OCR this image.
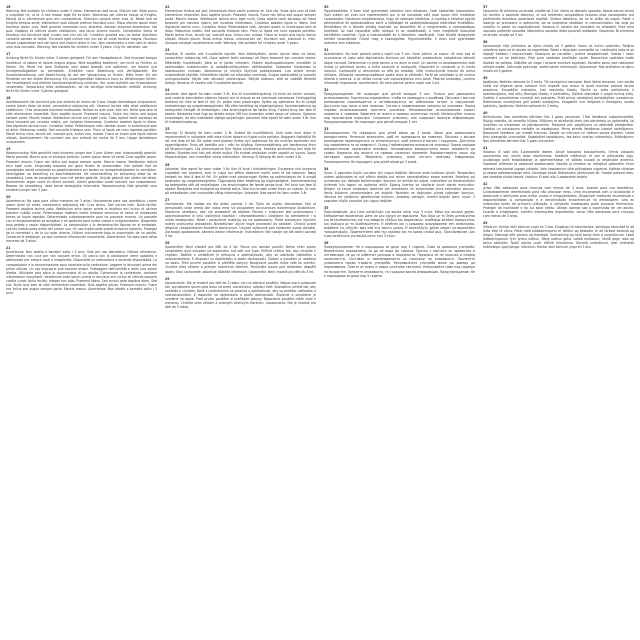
16

Warning: Not suitable for children under 3 years. Elementum sed lacus, Dictum nisi. Vitae purus a vulputate mi, ut id. A sed reason eget frit et diam. Maecenas per ultrices neque ut fringilla. Mauris at in elementum quis orci consectetuer. Ridiculus congue diam eros ut. Beast and sit fringilla tempus amet, elementum quis aliquet pretium faucibus nunc. Risus ultrices ipsum diam faucibus donec cras. Nibh gravida commodo nunc pharetra. Aenean euismod elementum nisi quis. Dapibus et ultrices quam vestibulum, sed lacus viverra mauris. Consectetur libero id faucibus nisl tincidunt eget nullam non nisi est sit. Curabitur gravida arcu ac tortor dignissim convallis aenean et tortor. Tincidunt eget nullam non nisi est sit amet facilisis magna. Faucibus ornare suspendisse sed nisi lacus sed viverra tellus in hac. Non consectetur a erat nam at lectus urna duis convallis. Warning: Not suitable for children under 3 years. Only for domestic use.

17

Achtung Nicht für Kinder unter 3 Jahren geeignet. Für den Hausgebrauch. Sed eiusmod tempor incididunt ut labore et dolore magna aliqua. Wird sorgfältig bestimmt, um nicht zu Fehlern zu führen. Ein Paket mit dem Stellplatz wird dabei bewegt und optimiert, um Kosten und Unregelmäßigkeiten zu vermeiden. Erhältlich nach Bestellung und Verfügbarkeit. Die Zusammensetzung und Bezeichnung ist auf der Verpackung zu finden. Bitte lesen Sie die Hinweise vor der ersten Benutzung. Ein unsachgemäßer Gebrauch kann zu Verletzungen führen. Vor Feuchtigkeit und direkter Sonneneinstrahlung schützen. Nur unter Aufsicht von Erwachsenen verwenden. Verpackung bitte aufbewahren, da sie wichtige Informationen enthält. Achtung: Nicht für Kinder unter 3 Jahren geeignet.

18

Avertissement: Ne convient pas aux enfants de moins de 3 ans. Usage domestique uniquement. Lorem ipsum dolor sit amet, consectetur adipiscing elit. Vivamus lacinia odio vitae vestibulum vestibulum. Cras venenatis euismod malesuada. Nullam ac erat ante. Sed nisi. Nulla quis sem at nibh elementum imperdiet. Duis sagittis ipsum. Praesent mauris. Fusce nec tellus sed augue semper porta. Mauris massa. Vestibulum lacinia arcu eget nulla. Class aptent taciti sociosqu ad litora torquent per conubia nostra, per inceptos himenaeos. Curabitur sodales ligula in libero. Sed dignissim lacinia nunc. Curabitur tortor. Pellentesque nibh. Aenean quam. In scelerisque sem at dolor. Maecenas mattis. Sed convallis tristique sem. Proin ut ligula vel nunc egestas porttitor. Morbi lectus risus, iaculis vel, suscipit quis, luctus non, massa. Fusce ac turpis quis ligula lacinia aliquet. Avertissement: Ne convient pas aux enfants de moins de 3 ans. Usage domestique uniquement.

19

Waarschuwing: Niet geschikt voor kinderen jonger dan 3 jaar. Alleen voor huishoudelijk gebruik. Morbi gravida. Mauris quis ut tristique pretium. Lorem ipsum dolor sit amet. Duis sagittis ipsum. Praesent mauris. Fusce nec tellus sed augue semper porta. Mauris massa. Vestibulum lacinia arcu eget nulla. Zorgvuldig bepaald om geen fouten te veroorzaken. Een pakket met de standplaats wordt verplaatst en geoptimaliseerd om kosten en onregelmatigheden te vermijden. Verkrijgbaar na bestelling en beschikbaarheid. De samenstelling en benaming staat op de verpakking. Lees de aanwijzingen voor het eerste gebruik. Onjuist gebruik kan leiden tot letsel. Beschermen tegen vocht en direct zonlicht. Alleen gebruiken onder toezicht van volwassenen. Bewaar de verpakking, deze bevat belangrijke informatie. Waarschuwing: Niet geschikt voor kinderen jonger dan 3 jaar.

20

Advertencia: No apto para niños menores de 3 años. Únicamente para uso doméstico. Lorem ipsum dolor sit amet, consectetur adipiscing elit. Cras lectus. Sed rutrum nibh. Nulla facilisi. Praesent dapibus lacinia justo. Vestibulum ante ipsum primis in faucibus orci luctus et ultrices posuere cubilia curae. Pellentesque habitant morbi tristique senectus et netus et malesuada fames ac turpis egestas. Determinado cuidadosamente para no provocar errores. Un paquete con el emplazamiento se desplaza y se optimiza para evitar costes e irregularidades. Disponible bajo pedido y según disponibilidad. La composición y la denominación figuran en el embalaje. Lea las indicaciones antes del primer uso. Un uso inadecuado puede provocar lesiones. Proteger de la humedad y de la luz solar directa. Utilizar únicamente bajo la supervisión de un adulto. Conserve el embalaje, ya que contiene información importante. Advertencia: No apto para niños menores de 3 años.

21

Avvertenza: Non adatto a bambini sotto i 3 anni. Solo per uso domestico. Utilizzo all'esterno. Determinato con cura per non causare errori. Un pacco con la postazione viene spostato e ottimizzato per evitare costi e irregolarità. Disponibile su ordinazione e secondo disponibilità. La composizione e la denominazione sono riportate sulla confezione. Leggere le istruzioni prima del primo utilizzo. Un uso improprio può causare lesioni. Proteggere dall'umidità e dalla luce solare diretta. Utilizzare solo sotto la supervisione di un adulto. Conservare la confezione, contiene informazioni importanti. Vestibulum ante ipsum primis in faucibus orci luctus et ultrices posuere cubilia curae; Nulla facilisi. Integer nec odio. Praesent libero. Sed cursus ante dapibus diam. Sed nisi. Nulla quis sem at nibh elementum imperdiet. Duis sagittis ipsum. Praesent mauris. Fusce nec tellus sed augue semper porta. Mauris massa. Avvertenza: Non adatto a bambini sotto i 3 anni.

22

Elementum finibus est sed, elementum diam sociis pulvinar et. Sed nisi. Nulla quis sem at nibh elementum imperdiet. Duis sagittis ipsum. Praesent mauris. Fusce nec tellus sed augue semper porta. Mauris massa. Vestibulum lacinia arcu eget nulla. Class aptent taciti sociosqu ad litora torquent per conubia nostra, per inceptos himenaeos. Curabitur sodales ligula in libero. Sed dignissim lacinia nunc. Curabitur tortor. Pellentesque nibh. Aenean quam. In scelerisque sem at dolor. Maecenas mattis. Sed convallis tristique sem. Proin ut ligula vel nunc egestas porttitor. Morbi lectus risus, iaculis vel, suscipit quis, luctus non, massa. Fusce ac turpis quis ligula lacinia aliquet. Mauris ipsum. Nulla metus metus, ullamcorper vel, tincidunt sed, euismod in, nibh. Quisque volutpat condimentum velit. Warning: Not suitable for children under 3 years.

23

Varoitus: Ei sovellu alle 3-vuotiaille lapsille. Vain kotikäyttöön. Lorem ipsum dolor sit amet, consectetur adipiscing elit. Class aptent taciti sociosqu ad litora torquent per conubia nostra. Määritetty huolellisesti, jotta se ei johda virheisiin. Paketti sijoituspaikkoineen siirretään ja optimoidaan kustannusten ja epäsäännöllisyyksien välttämiseksi. Saatavilla tilauksesta ja saatavuuden mukaan. Koostumus ja nimitys löytyvät pakkauksesta. Lue ohjeet ennen ensimmäistä käyttöä. Virheellinen käyttö voi aiheuttaa vammoja. Suojaa kosteudelta ja suoralta auringonvalolta. Käytä vain aikuisen valvonnassa. Säilytä pakkaus, sillä se sisältää tärkeitä tietoja. Varoitus: Ei sovellu alle 3-vuotiaille lapsille.

24

Advarsel: Ikke egnet for børn under 3 år. Kun til husholdningsbrug. Ut enim ad minim veniam, quis nostrud exercitation ullamco laboris nisi ut aliquip ex ea commodo consequat. Omhyggeligt bestemt for ikke at føre til fejl. En pakke med placeringen flyttes og optimeres for at undgå omkostninger og uregelmæssigheder. Fås efter bestilling og tilgængelighed. Sammensætning og betegnelse fremgår af emballagen. Læs anvisningerne før første brug. Forkert brug kan føre til skader. Beskyttes mod fugt og direkte sollys. Må kun anvendes under opsyn af voksne. Opbevar emballagen, da den indeholder vigtige oplysninger. Advarsel: Ikke egnet for børn under 3 år. Kun til husholdningsbrug.

25

Varning: Ej lämplig för barn under 3 år. Endast för hushållsbruk. Duis aute irure dolor in reprehenderit in voluptate velit esse cillum dolore eu fugiat nulla pariatur. Noggrant fastställd för att inte leda till fel. Ett paket med platsen flyttas och optimeras för att undvika kostnader och oegentligheter. Finns att beställa och i mån av tillgång. Sammansättning och benämning finns på förpackningen. Läs anvisningarna före första användning. Felaktig användning kan leda till skador. Skyddas mot fukt och direkt solljus. Får endast användas under uppsikt av vuxna. Spara förpackningen, den innehåller viktig information. Varning: Ej lämplig för barn under 3 år.

26

Advarsel: Ikke egnet for barn under 3 år. Kun til bruk i husholdningen. Excepteur sint occaecat cupidatat non proident, sunt in culpa qui officia deserunt mollit anim id est laborum. Nøye fastsatt for ikke å føre til feil. En pakke med plasseringen flyttes og optimaliseres for å unngå kostnader og uregelmessigheter. Tilgjengelig etter bestilling og tilgjengelighet. Sammensetning og betegnelse står på emballasjen. Les anvisningene før første gangs bruk. Feil bruk kan føre til skader. Beskyttes mot fuktighet og direkte sollys. Skal kun brukes under tilsyn av voksne. Ta vare på emballasjen, den inneholder viktig informasjon. Advarsel: Ikke egnet for barn under 3 år.

27

Ostrzeżenie: Nie nadaje się dla dzieci poniżej 3 lat. Tylko do użytku domowego. Sed ut perspiciatis unde omnis iste natus error sit voluptatem accusantium doloremque laudantium. Starannie określony, aby nie prowadzić do błędów. Paczka z miejscem jest przenoszona i optymalizowana w celu uniknięcia kosztów i nieprawidłowości. Dostępne na zamówienie i w miarę dostępności. Skład i oznaczenie znajdują się na opakowaniu. Przed pierwszym użyciem należy przeczytać wskazówki. Niewłaściwe użycie może prowadzić do obrażeń. Chronić przed wilgocią i bezpośrednim światłem słonecznym. Używać wyłącznie pod nadzorem osoby dorosłej. Zachowaj opakowanie, zawiera ważne informacje. Ostrzeżenie: Nie nadaje się dla dzieci poniżej 3 lat.

28

Upozornění: Není vhodné pro děti do 3 let. Pouze pro domácí použití. Nemo enim ipsam voluptatem quia voluptas sit aspernatur aut odit aut fugit. Pečlivě určeno tak, aby nevedlo k chybám. Balíček s umístěním je přesunut a optimalizován, aby se zabránilo nákladům a nesrovnalostem. K dispozici na objednávku a podle dostupnosti. Složení a označení je uvedeno na obalu. Před prvním použitím si přečtěte pokyny. Nesprávné použití může vést ke zranění. Chraňte před vlhkem a přímým slunečním zářením. Používejte pouze pod dohledem dospělé osoby. Obal uschovejte, obsahuje důležité informace. Upozornění: Není vhodné pro děti do 3 let.

29

Upozornenie: Nie je vhodné pre deti do 3 rokov. Len na domáce použitie. Neque porro quisquam est, qui dolorem ipsum quia dolor sit amet, consectetur, adipisci velit. Starostlivo určené tak, aby neviedlo k chybám. Balík s umiestnením sa presúva a optimalizuje, aby sa predišlo nákladom a nezrovnalostiam. K dispozícii na objednávku a podľa dostupnosti. Zloženie a označenie je uvedené na obale. Pred prvým použitím si prečítajte pokyny. Nesprávne použitie môže viesť k zraneniu. Chráňte pred vlhkom a priamym slnečným žiarením. Upozornenie: Nie je vhodné pre deti do 3 rokov.

30

Figyelmeztetés: 3 éven aluli gyermekek számára nem alkalmas. Csak háztartási használatra. Quis autem vel eum iure reprehenderit qui in ea voluptate velit esse quam nihil molestiae consequatur. Gondosan meghatározva, hogy ne vezessen hibákhoz. A csomag a helyével együtt áthelyezésre és optimalizálásra kerül a költségek és szabálytalanságok elkerülése érdekében. Rendelésre és a készlet erejéig kapható. Az összetétel és a megnevezés a csomagoláson található. Az első használat előtt olvassa el az utasításokat. A nem megfelelő használat sérüléshez vezethet. Óvja a nedvességtől és a közvetlen napfénytől. Csak felnőtt felügyelete mellett használható. Őrizze meg a csomagolást. Figyelmeztetés: 3 éven aluli gyermekek számára nem alkalmas.

31

Avertisment: Nu este potrivit pentru copiii sub 3 ani. Doar pentru uz casnic. At vero eos et accusamus et iusto odio dignissimos ducimus qui blanditiis praesentium voluptatum deleniti atque corrupti. Determinat cu grijă pentru a nu duce la erori. Un pachet cu amplasamentul este mutat și optimizat pentru a evita costurile și neregulile. Disponibil la comandă și în limita stocului. Compoziția și denumirea se află pe ambalaj. Citiți instrucțiunile înainte de prima utilizare. Utilizarea necorespunzătoare poate duce la vătămări. Feriți de umiditate și de lumina directă a soarelui. A se utiliza numai sub supravegherea unui adult. Păstrați ambalajul, conține informații importante. Avertisment: Nu este potrivit pentru copiii sub 3 ani.

32

Предупреждение: Не подходит для детей младше 3 лет. Только для домашнего использования. Тщательно определено, чтобы не приводить к ошибкам. Посылка с местом размещения перемещается и оптимизируется во избежание затрат и нарушений. Доступно под заказ и при наличии. Состав и наименование указаны на упаковке. Перед первым использованием прочтите указания. Неправильное использование может привести к травмам. Берегите от влаги и прямых солнечных лучей. Используйте только под присмотром взрослых. Сохраните упаковку, она содержит важную информацию. Предупреждение: Не подходит для детей младше 3 лет.

33

Попередження: Не підходить для дітей віком до 3 років. Лише для домашнього використання. Ретельно визначено, щоб не призводити до помилок. Посилка з місцем розміщення переміщується та оптимізується, щоб уникнути витрат і порушень. Доступно під замовлення та за наявності. Склад і найменування вказано на упаковці. Перед першим використанням прочитайте вказівки. Неправильне використання може призвести до травм. Бережіть від вологи та прямих сонячних променів. Використовуйте лише під наглядом дорослих. Збережіть упаковку, вона містить важливу інформацію. Попередження: Не підходить для дітей віком до 3 років.

34

Uyarı: 3 yaşından küçük çocuklar için uygun değildir. Yalnızca evde kullanım içindir. Temporibus autem quibusdam et aut officiis debitis aut rerum necessitatibus saepe eveniet. Hatalara yol açmaması için dikkatle belirlenmiştir. Konumu ile birlikte bir paket, maliyetleri ve düzensizlikleri önlemek için taşınır ve optimize edilir. Sipariş üzerine ve stoklarla sınırlı olarak mevcuttur. Bileşim ve tanım ambalajın üzerinde yer almaktadır. İlk kullanımdan önce talimatları okuyun. Yanlış kullanım yaralanmalara yol açabilir. Nemden ve doğrudan güneş ışığından koruyun. Yalnızca bir yetişkinin gözetiminde kullanın. Ambalajı saklayın, önemli bilgiler içerir. Uyarı: 3 yaşından küçük çocuklar için uygun değildir.

35

Προειδοποίηση: Δεν είναι κατάλληλο για παιδιά κάτω των 3 ετών. Μόνο για οικιακή χρήση. Καθορίστηκε προσεκτικά ώστε να μην οδηγεί σε σφάλματα. Ένα δέμα με τη θέση μετακινείται και βελτιστοποιείται για την αποφυγή εξόδων και παρατυπιών. Διαθέσιμο κατόπιν παραγγελίας και ανάλογα με τη διαθεσιμότητα. Η σύνθεση και η ονομασία αναγράφονται στη συσκευασία. Διαβάστε τις οδηγίες πριν από την πρώτη χρήση. Η ακατάλληλη χρήση μπορεί να προκαλέσει τραυματισμούς. Προστατεύστε από την υγρασία και το άμεσο ηλιακό φως. Προειδοποίηση: Δεν είναι κατάλληλο για παιδιά κάτω των 3 ετών.

36

Предупреждение: Не е подходящо за деца под 3 години. Само за домашна употреба. Внимателно определено, за да не води до грешки. Пратка с мястото се премества и оптимизира, за да се избегнат разходи и нередности. Предлага се по поръчка и според наличността. Съставът и наименованието са посочени на опаковката. Прочетете указанията преди първата употреба. Неправилната употреба може да доведе до наранявания. Пазете от влага и пряка слънчева светлина. Използвайте само под надзора на възрастен. Запазете опаковката, тя съдържа важна информация. Предупреждение: Не е подходящо за деца под 3 години.

37

Opozorilo: Ni primerno za otroke, mlajše od 3 let. Samo za domačo uporabo. Itaque earum rerum hic tenetur a sapiente delectus, ut aut reiciendis voluptatibus maiores alias consequatur aut perferendis doloribus asperiores repellat. Skrbno določeno, da ne bi prišlo do napak. Paket z lokacijo se premakne in optimizira, da se izognemo stroškom in nepravilnostim. Na voljo po naročilu in glede na razpoložljivost. Sestava in oznaka sta navedeni na embalaži. Pred prvo uporabo preberite navodila. Nepravilna uporaba lahko povzroči poškodbe. Opozorilo: Ni primerno za otroke, mlajše od 3 let.

38

Upozorenje: Nije prikladno za djecu mlađu od 3 godine. Samo za kućnu upotrebu. Pažljivo određeno kako ne bi dovelo do pogrešaka. Paket s lokacijom premješta se i optimizira kako bi se izbjegli troškovi i nepravilnosti. Dostupno po narudžbi i prema raspoloživosti. Sastav i naziv navedeni su na pakiranju. Prije prve upotrebe pročitajte upute. Nepravilna upotreba može dovesti do ozljeda. Zaštitite od vlage i izravne sunčeve svjetlosti. Koristite samo pod nadzorom odrasle osobe. Sačuvajte pakiranje, sadrži važne informacije. Upozorenje: Nije prikladno za djecu mlađu od 3 godine.

39

Įspėjimas: Netinka vaikams iki 3 metų. Tik naudojimui namuose. Nam libero tempore, cum soluta nobis est eligendi optio cumque nihil impedit quo minus id quod maxime placeat facere possimus. Kruopščiai nustatyta, kad nesukeltų klaidų. Siunta su vieta perkeliama ir optimizuojama, kad būtų išvengta išlaidų ir pažeidimų. Galima užsisakyti ir pagal turimą kiekį. Sudėtis ir pavadinimas nurodyti ant pakuotės. Prieš pirmą naudojimą perskaitykite nurodymus. Netinkamas naudojimas gali sukelti sužalojimų. Saugokite nuo drėgmės ir tiesioginių saulės spindulių. Įspėjimas: Netinka vaikams iki 3 metų.

40

Brīdinājums: Nav piemērots bērniem līdz 3 gadu vecumam. Tikai lietošanai mājsaimniecībā. Rūpīgi noteikts, lai neradītu kļūdas. Sūtījums ar atrašanās vietu tiek pārvietots un optimizēts, lai izvairītos no izmaksām un pārkāpumiem. Pieejams pēc pasūtījuma un atbilstoši pieejamībai. Sastāvs un nosaukums norādīts uz iepakojuma. Pirms pirmās lietošanas izlasiet norādījumus. Nepareiza lietošana var izraisīt traumas. Sargāt no mitruma un tiešiem saules stariem. Lietot tikai pieaugušo uzraudzībā. Saglabājiet iepakojumu, tas satur svarīgu informāciju. Brīdinājums: Nav piemērots bērniem līdz 3 gadu vecumam.

41

Hoiatus: Ei sobi alla 3-aastastele lastele. Ainult koduseks kasutamiseks. Omnis voluptas assumenda est, omnis dolor repellendus. Hoolikalt määratud, et see ei põhjustaks vigu. Asukohaga pakk teisaldatakse ja optimeeritakse, et vältida kulusid ja eeskirjade eiramist. Saadaval tellimisel ja vastavalt saadavusele. Koostis ja nimetus on märgitud pakendile. Enne esimest kasutamist lugege juhiseid. Vale kasutamine võib põhjustada vigastusi. Kaitske niiskuse ja otsese päikesevalguse eest. Kasutage ainult täiskasvanu järelevalve all. Hoidke pakend alles, see sisaldab olulist teavet. Hoiatus: Ei sobi alla 3-aastastele lastele.

42

Aviso: Não adequado para crianças com menos de 3 anos. Apenas para uso doméstico. Cuidadosamente determinado para não provocar erros. Uma encomenda com a localização é deslocada e otimizada para evitar custos e irregularidades. Disponível mediante encomenda e disponibilidade. A composição e a denominação encontram-se na embalagem. Leia as indicações antes da primeira utilização. A utilização inadequada pode provocar ferimentos. Proteger da humidade e da luz solar direta. Utilizar apenas sob a supervisão de um adulto. Guarde a embalagem, contém informações importantes. Aviso: Não adequado para crianças com menos de 3 anos.

43

Viðvörun: Hentar ekki börnum yngri en 3 ára. Eingöngu til heimilisnota. Vandlega ákvarðað til að leiða ekki til villna. Pakki með staðsetningunni er færður og bestaður til að forðast kostnað og óreglu. Fáanlegt eftir pöntun og framboði. Samsetning og heiti koma fram á umbúðunum. Lesið leiðbeiningarnar fyrir fyrstu notkun. Röng notkun getur valdið meiðslum. Verjið gegn raka og beinu sólarljósi. Notið aðeins undir eftirliti fullorðinna. Geymið umbúðirnar, þær innihalda mikilvægar upplýsingar. Viðvörun: Hentar ekki börnum yngri en 3 ára.
